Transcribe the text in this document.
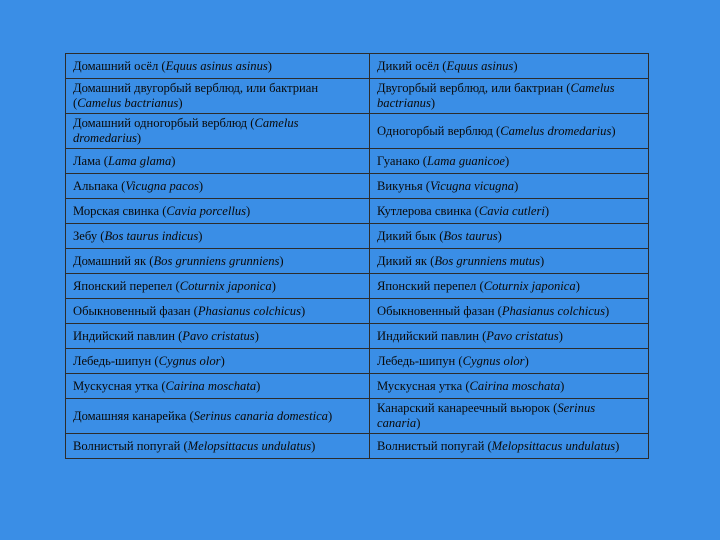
Домашний осёл (Equus asinus asinus)	Дикий осёл (Equus asinus)
Домашний двугорбый верблюд, или бактриан (Camelus bactrianus)	Двугорбый верблюд, или бактриан (Camelus bactrianus)
Домашний одногорбый верблюд (Camelus dromedarius)	Одногорбый верблюд (Camelus dromedarius)
Лама (Lama glama)	Гуанако (Lama guanicoe)
Альпака (Vicugna pacos)	Викунья (Vicugna vicugna)
Морская свинка (Cavia porcellus)	Кутлерова свинка (Cavia cutleri)
Зебу (Bos taurus indicus)	Дикий бык (Bos taurus)
Домашний як (Bos grunniens grunniens)	Дикий як (Bos grunniens mutus)
Японский перепел (Coturnix japonica)	Японский перепел (Coturnix japonica)
Обыкновенный фазан (Phasianus colchicus)	Обыкновенный фазан (Phasianus colchicus)
Индийский павлин (Pavo cristatus)	Индийский павлин (Pavo cristatus)
Лебедь-шипун (Cygnus olor)	Лебедь-шипун (Cygnus olor)
Мускусная утка (Cairina moschata)	Мускусная утка (Cairina moschata)
Домашняя канарейка (Serinus canaria domestica)	Канарский канареечный вьюрок (Serinus canaria)
Волнистый попугай (Melopsittacus undulatus)	Волнистый попугай (Melopsittacus undulatus)
